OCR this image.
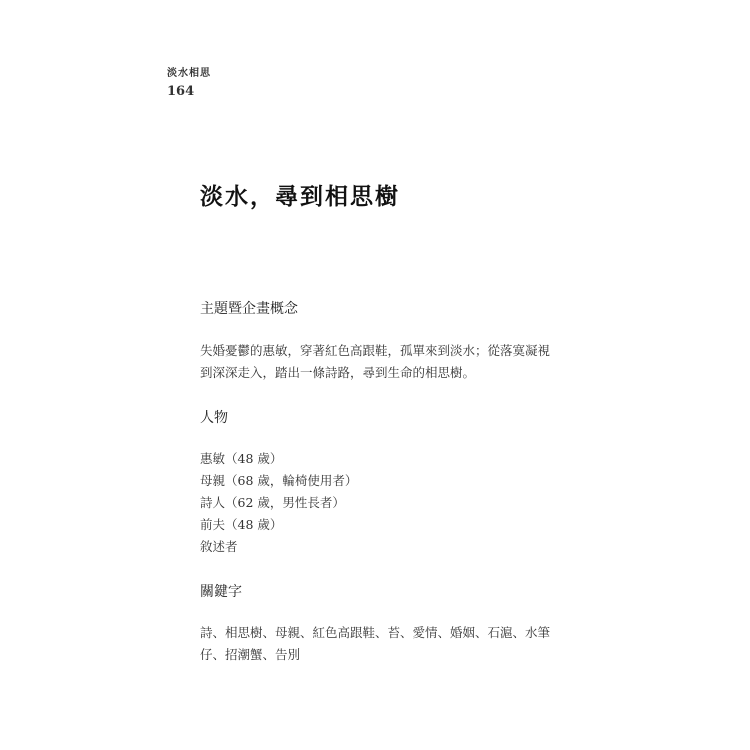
淡水相思
164
淡水，尋到相思樹
主題暨企畫概念

失婚憂鬱的惠敏，穿著紅色高跟鞋，孤單來到淡水；從落寞凝視到深深走入，踏出一條詩路，尋到生命的相思樹。

人物
惠敏（48 歲）
母親（68 歲，輪椅使用者）
詩人（62 歲，男性長者）
前夫（48 歲）
敘述者
關鍵字

詩、相思樹、母親、紅色高跟鞋、苔、愛情、婚姻、石滬、水筆仔、招潮蟹、告別
